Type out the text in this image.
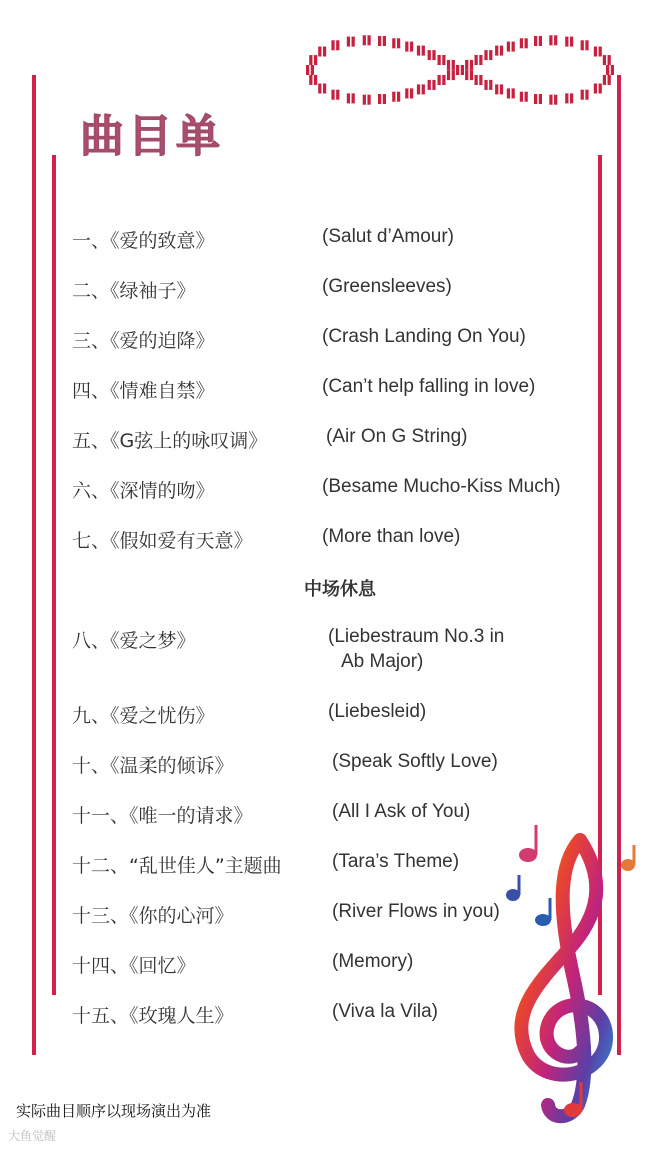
曲 目 单
一、《爱的致意》	(Salut d’Amour)
二、《绿袖子》	(Greensleeves)
三、《爱的迫降》	(Crash Landing On You)
四、《情难自禁》	(Can’t help falling in love)
五、《G弦上的咏叹调》	(Air On G String)
六、《深情的吻》	(Besame Mucho-Kiss Much)
七、《假如爱有天意》	(More than love)
中场休息
八、《爱之梦》	(Liebestraum No.3 in
Ab Major)
九、《爱之忧伤》	(Liebesleid)
十、《温柔的倾诉》	(Speak Softly Love)
十一、《唯一的请求》	(All I Ask of You)
十二、“乱世佳人”主题曲	(Tara’s Theme)
十三、《你的心河》	(River Flows in you)
十四、《回忆》	(Memory)
十五、《玫瑰人生》	(Viva la Vila)
实际曲目顺序以现场演出为准
大鱼觉醒
